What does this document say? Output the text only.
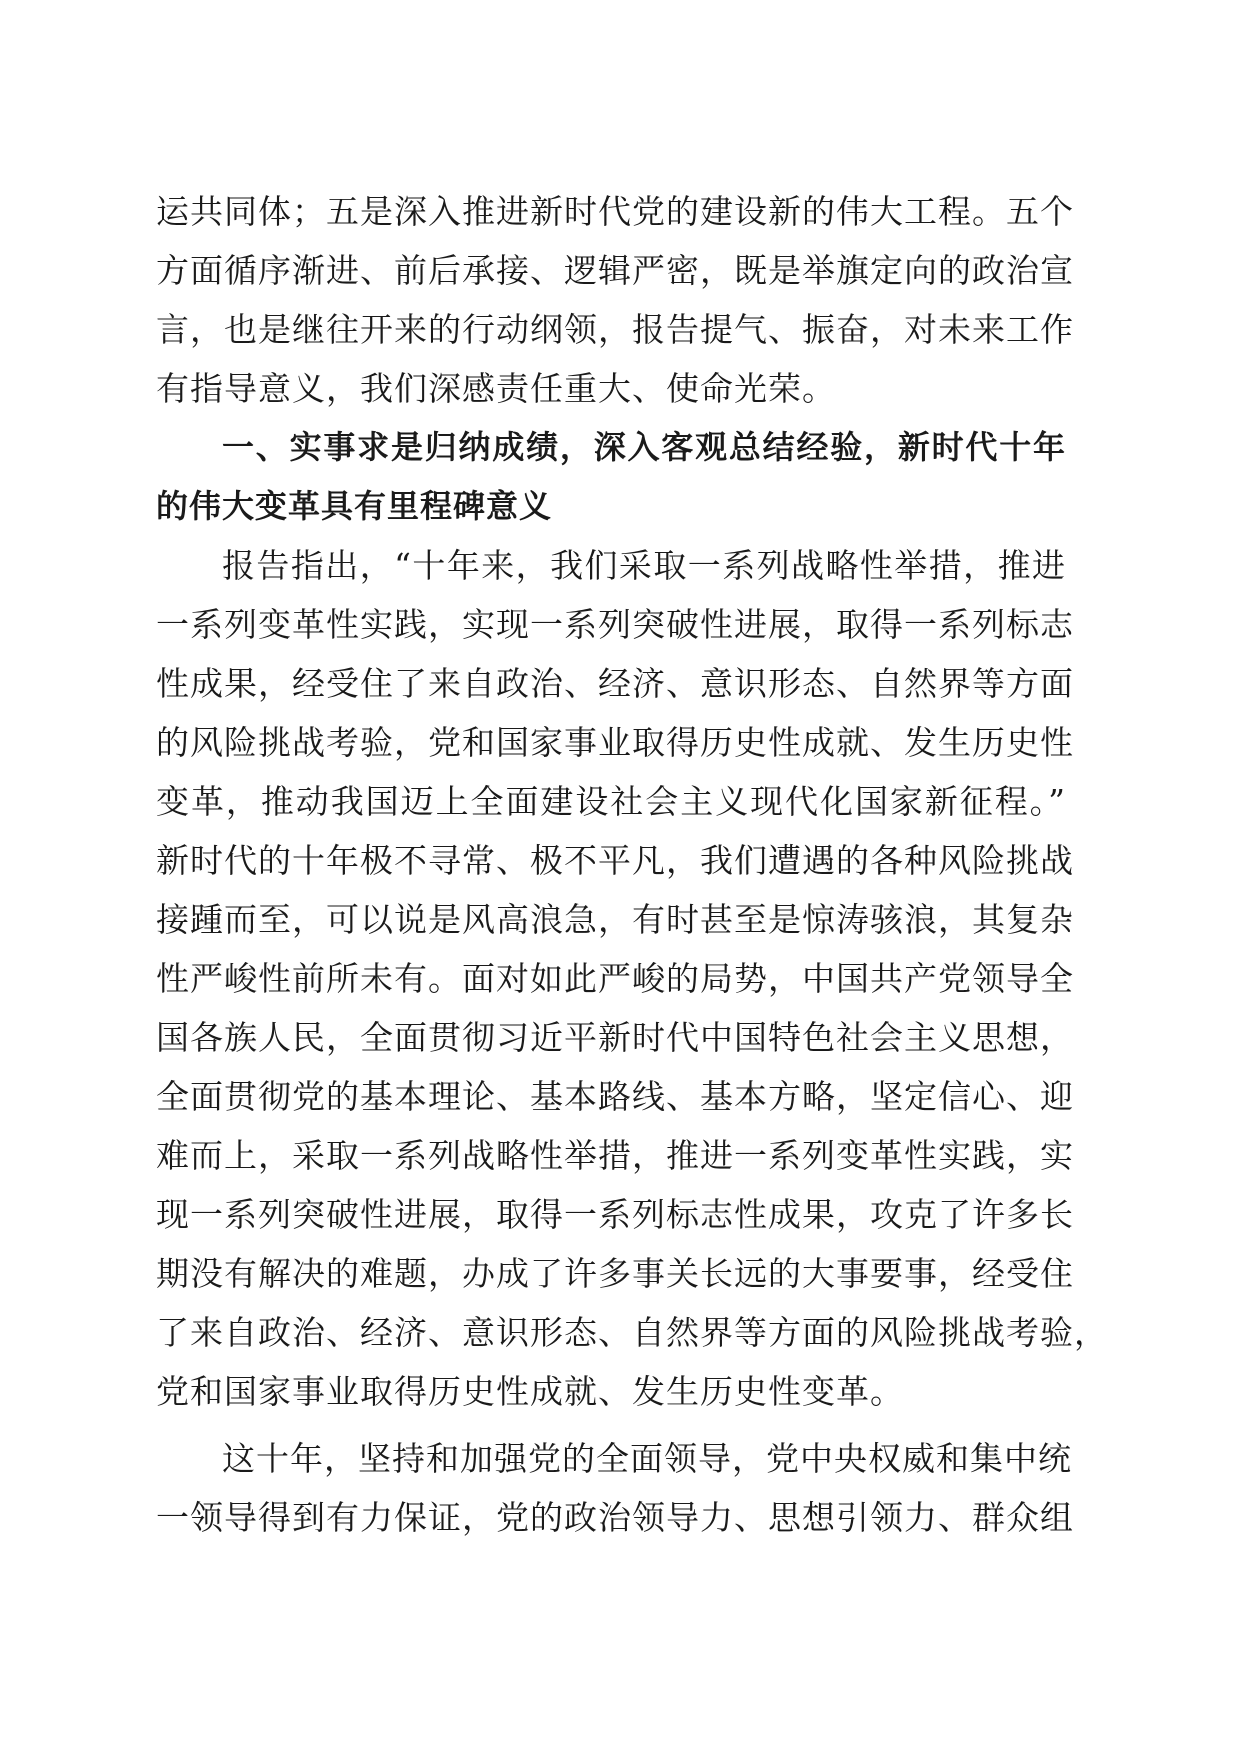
运共同体；五是深入推进新时代党的建设新的伟大工程。五个
方面循序渐进、前后承接、逻辑严密，既是举旗定向的政治宣
言，也是继往开来的行动纲领，报告提气、振奋，对未来工作
有指导意义，我们深感责任重大、使命光荣。
一、实事求是归纳成绩，深入客观总结经验，新时代十年
的伟大变革具有里程碑意义
报告指出，“十年来，我们采取一系列战略性举措，推进
一系列变革性实践，实现一系列突破性进展，取得一系列标志
性成果，经受住了来自政治、经济、意识形态、自然界等方面
的风险挑战考验，党和国家事业取得历史性成就、发生历史性
变革，推动我国迈上全面建设社会主义现代化国家新征程。”
新时代的十年极不寻常、极不平凡，我们遭遇的各种风险挑战
接踵而至，可以说是风高浪急，有时甚至是惊涛骇浪，其复杂
性严峻性前所未有。面对如此严峻的局势，中国共产党领导全
国各族人民，全面贯彻习近平新时代中国特色社会主义思想，
全面贯彻党的基本理论、基本路线、基本方略，坚定信心、迎
难而上，采取一系列战略性举措，推进一系列变革性实践，实
现一系列突破性进展，取得一系列标志性成果，攻克了许多长
期没有解决的难题，办成了许多事关长远的大事要事，经受住
了来自政治、经济、意识形态、自然界等方面的风险挑战考验，
党和国家事业取得历史性成就、发生历史性变革。
这十年，坚持和加强党的全面领导，党中央权威和集中统
一领导得到有力保证，党的政治领导力、思想引领力、群众组
